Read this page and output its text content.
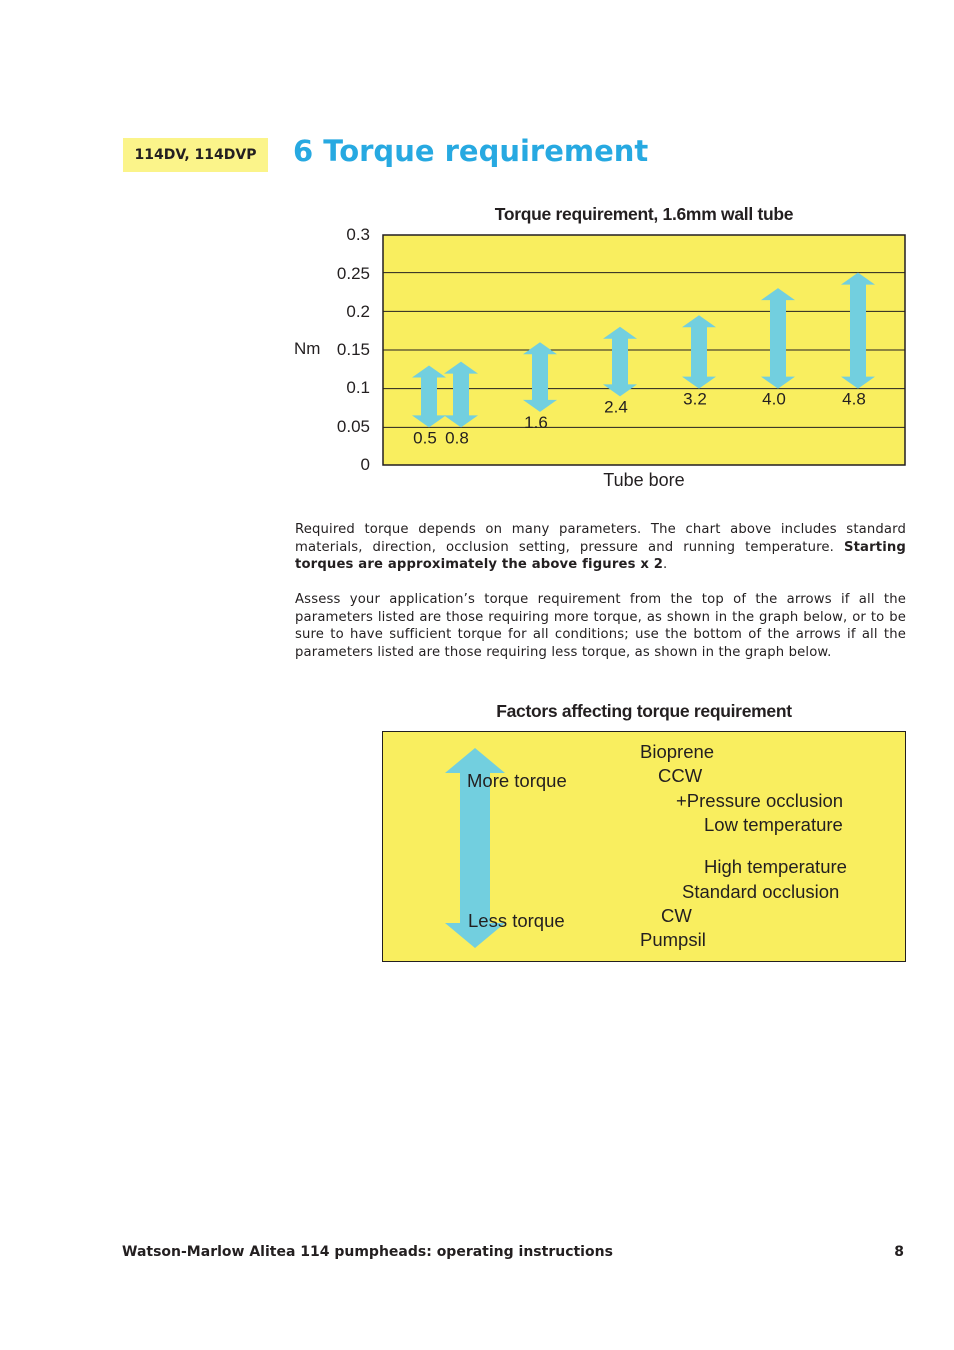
114DV, 114DVP	6 Torque requirement
Torque requirement, 1.6mm wall tube
0.3
0.25
0.2
0.15
0.1
0.05
0
Nm
0.5 0.8
1.6
2.4	3.2	4.0	4.8
Tube bore

Required torque depends on many parameters. The chart above includes standard materials, direction, occlusion setting, pressure and running temperature. Starting torques are approximately the above figures x 2.

Assess your application’s torque requirement from the top of the arrows if all the parameters listed are those requiring more torque, as shown in the graph below, or to be sure to have sufficient torque for all conditions; use the bottom of the arrows if all the parameters listed are those requiring less torque, as shown in the graph below.

Factors affecting torque requirement
More torque
Less torque
Bioprene
CCW
+Pressure occlusion
Low temperature
High temperature
Standard occlusion
CW
Pumpsil
Watson-Marlow Alitea 114 pumpheads: operating instructions	8
